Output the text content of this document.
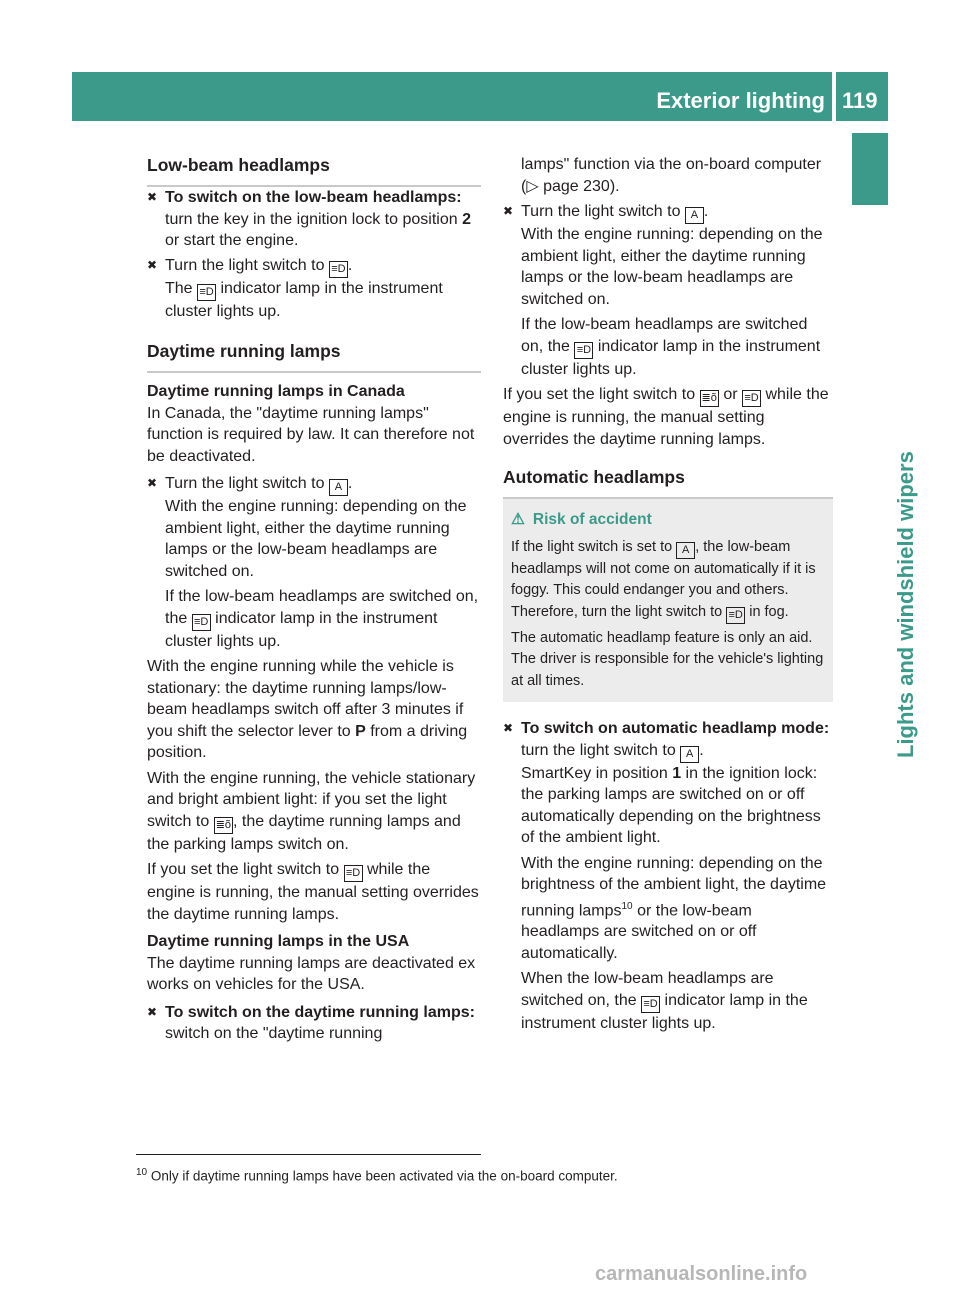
Exterior lighting 119
Lights and windshield wipers

Low-beam headlamps

✖ To switch on the low-beam headlamps: turn the key in the ignition lock to position 2 or start the engine.

✖ Turn the light switch to ≡D .
The ≡D indicator lamp in the instrument cluster lights up.

Daytime running lamps

Daytime running lamps in Canada

In Canada, the "daytime running lamps" function is required by law. It can therefore not be deactivated.

✖ Turn the light switch to A .
With the engine running: depending on the ambient light, either the daytime running lamps or the low-beam headlamps are switched on.

If the low-beam headlamps are switched on, the ≡D indicator lamp in the instrument cluster lights up.

With the engine running while the vehicle is stationary: the daytime running lamps/low-beam headlamps switch off after 3 minutes if you shift the selector lever to P from a driving position.

With the engine running, the vehicle stationary and bright ambient light: if you set the light switch to ≣õ , the daytime running lamps and the parking lamps switch on.

If you set the light switch to ≡D while the engine is running, the manual setting overrides the daytime running lamps.

Daytime running lamps in the USA

The daytime running lamps are deactivated ex works on vehicles for the USA.

✖ To switch on the daytime running lamps: switch on the "daytime running

lamps" function via the on-board computer (▷ page 230).

✖ Turn the light switch to A .
With the engine running: depending on the ambient light, either the daytime running lamps or the low-beam headlamps are switched on.

If the low-beam headlamps are switched on, the ≡D indicator lamp in the instrument cluster lights up.

If you set the light switch to ≣õ or ≡D while the engine is running, the manual setting overrides the daytime running lamps.

Automatic headlamps

⚠ Risk of accident

If the light switch is set to A , the low-beam headlamps will not come on automatically if it is foggy. This could endanger you and others. Therefore, turn the light switch to ≡D in fog.

The automatic headlamp feature is only an aid. The driver is responsible for the vehicle's lighting at all times.

✖ To switch on automatic headlamp mode: turn the light switch to A .
SmartKey in position 1 in the ignition lock: the parking lamps are switched on or off automatically depending on the brightness of the ambient light.

With the engine running: depending on the brightness of the ambient light, the daytime running lamps$^{10}$ or the low-beam headlamps are switched on or off automatically.

When the low-beam headlamps are switched on, the ≡D indicator lamp in the instrument cluster lights up.

$^{10}$ Only if daytime running lamps have been activated via the on-board computer.
carmanualsonline.info
